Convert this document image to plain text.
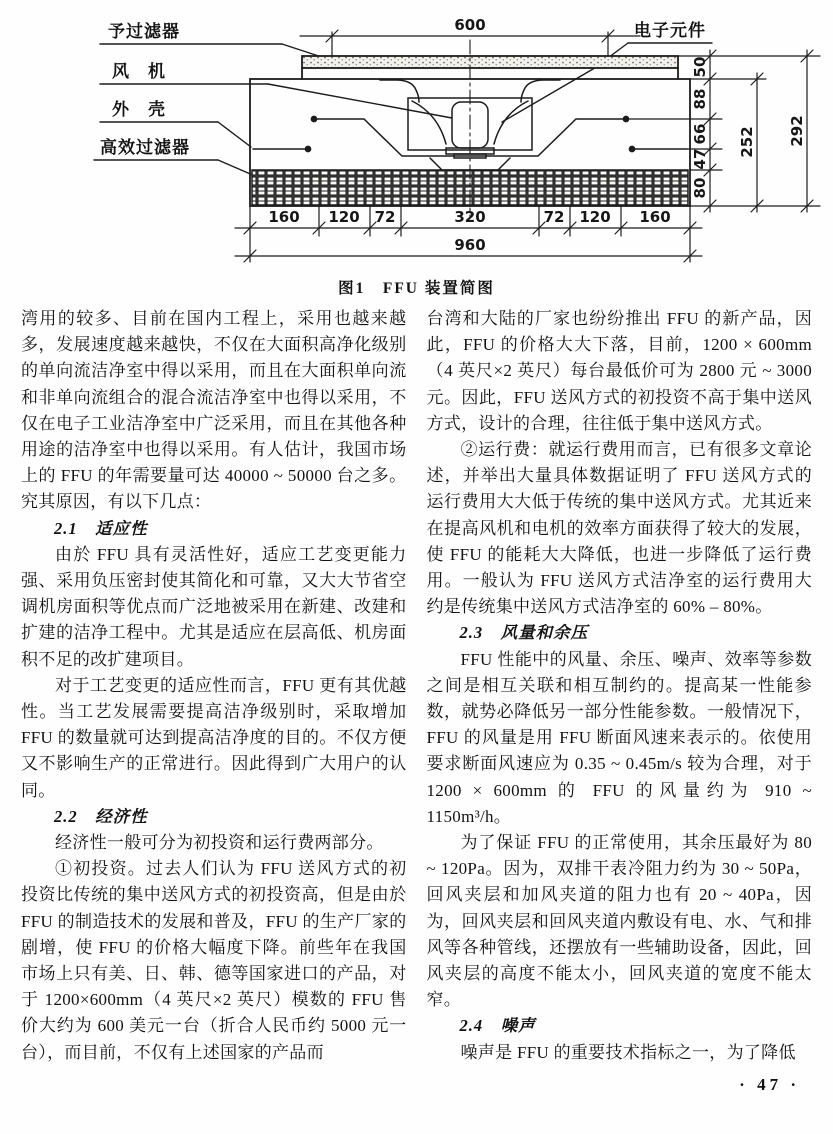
予过滤器
风　机
外　壳
高效过滤器
电子元件
600
50
88
66
47
80
252 292
160 120 72	320	72 120 160
960
图1　FFU 装置简图

湾用的较多、目前在国内工程上，采用也越来越多，发展速度越来越快，不仅在大面积高净化级别的单向流洁净室中得以采用，而且在大面积单向流和非单向流组合的混合流洁净室中也得以采用，不仅在电子工业洁净室中广泛采用，而且在其他各种用途的洁净室中也得以采用。有人估计，我国市场上的 FFU 的年需要量可达 40000 ~ 50000 台之多。究其原因，有以下几点：

2.1　适应性

由於 FFU 具有灵活性好，适应工艺变更能力强、采用负压密封使其简化和可靠，又大大节省空调机房面积等优点而广泛地被采用在新建、改建和扩建的洁净工程中。尤其是适应在层高低、机房面积不足的改扩建项目。

对于工艺变更的适应性而言，FFU 更有其优越性。当工艺发展需要提高洁净级别时，采取增加 FFU 的数量就可达到提高洁净度的目的。不仅方便又不影响生产的正常进行。因此得到广大用户的认同。

2.2　经济性

经济性一般可分为初投资和运行费两部分。

①初投资。过去人们认为 FFU 送风方式的初投资比传统的集中送风方式的初投资高，但是由於 FFU 的制造技术的发展和普及，FFU 的生产厂家的剧增，使 FFU 的价格大幅度下降。前些年在我国市场上只有美、日、韩、德等国家进口的产品，对于 1200×600mm（4 英尺×2 英尺）模数的 FFU 售价大约为 600 美元一台（折合人民币约 5000 元一台），而目前，不仅有上述国家的产品而

台湾和大陆的厂家也纷纷推出 FFU 的新产品，因此，FFU 的价格大大下落，目前，1200 × 600mm（4 英尺×2 英尺）每台最低价可为 2800 元 ~ 3000 元。因此，FFU 送风方式的初投资不高于集中送风方式，设计的合理，往往低于集中送风方式。

②运行费：就运行费用而言，已有很多文章论述，并举出大量具体数据证明了 FFU 送风方式的运行费用大大低于传统的集中送风方式。尤其近来在提高风机和电机的效率方面获得了较大的发展，使 FFU 的能耗大大降低，也进一步降低了运行费用。一般认为 FFU 送风方式洁净室的运行费用大约是传统集中送风方式洁净室的 60% – 80%。

2.3　风量和余压

FFU 性能中的风量、余压、噪声、效率等参数之间是相互关联和相互制约的。提高某一性能参数，就势必降低另一部分性能参数。一般情况下，FFU 的风量是用 FFU 断面风速来表示的。依使用要求断面风速应为 0.35 ~ 0.45m/s 较为合理，对于 1200 × 600mm 的 FFU 的风量约为 910 ~ 1150m³/h。

为了保证 FFU 的正常使用，其余压最好为 80 ~ 120Pa。因为，双排干表冷阻力约为 30 ~ 50Pa，回风夹层和加风夹道的阻力也有 20 ~ 40Pa，因为，回风夹层和回风夹道内敷设有电、水、气和排风等各种管线，还摆放有一些辅助设备，因此，回风夹层的高度不能太小，回风夹道的宽度不能太窄。

2.4　噪声

噪声是 FFU 的重要技术指标之一，为了降低

· 47 ·
